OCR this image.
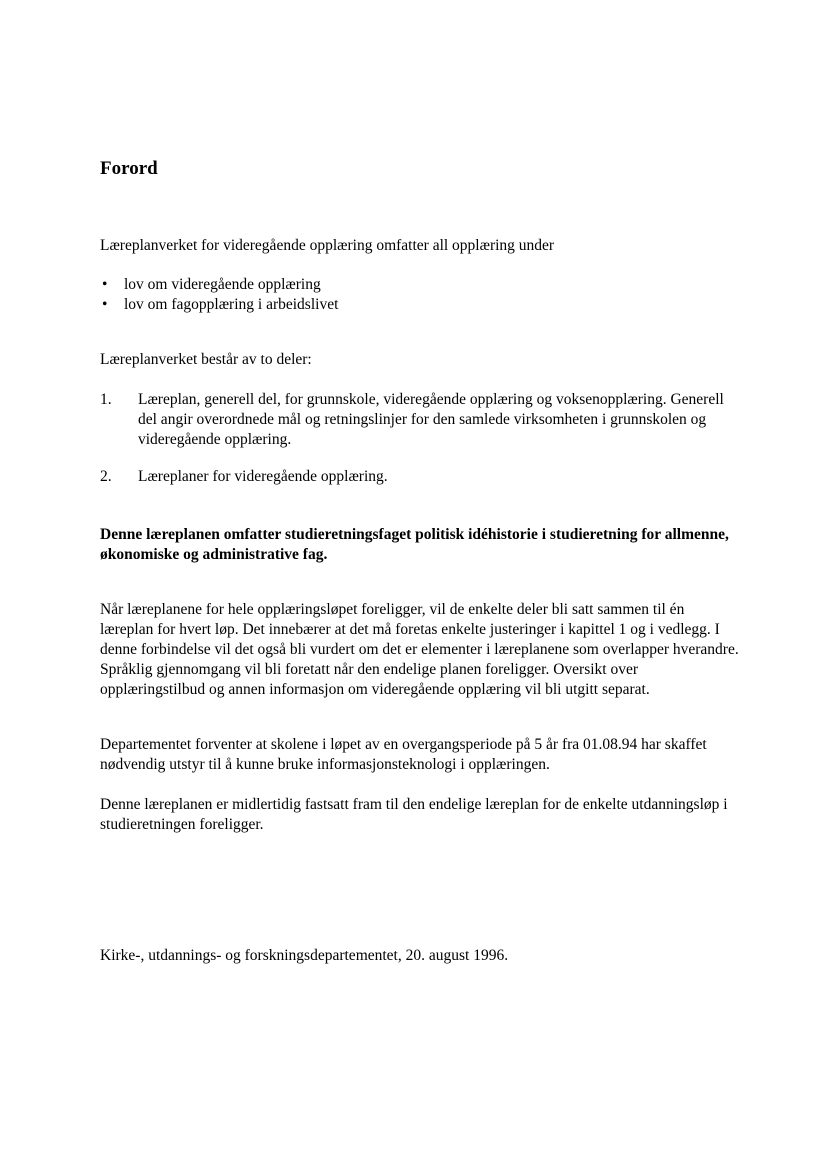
Forord

Læreplanverket for videregående opplæring omfatter all opplæring under

• lov om videregående opplæring
• lov om fagopplæring i arbeidslivet

Læreplanverket består av to deler:

1. Læreplan, generell del, for grunnskole, videregående opplæring og voksenopplæring. Generell del angir overordnede mål og retningslinjer for den samlede virksomheten i grunnskolen og videregående opplæring.
2. Læreplaner for videregående opplæring.

Denne læreplanen omfatter studieretningsfaget politisk idéhistorie i studieretning for allmenne, økonomiske og administrative fag.

Når læreplanene for hele opplæringsløpet foreligger, vil de enkelte deler bli satt sammen til én læreplan for hvert løp. Det innebærer at det må foretas enkelte justeringer i kapittel 1 og i vedlegg. I denne forbindelse vil det også bli vurdert om det er elementer i læreplanene som overlapper hverandre. Språklig gjennomgang vil bli foretatt når den endelige planen foreligger. Oversikt over opplæringstilbud og annen informasjon om videregående opplæring vil bli utgitt separat.

Departementet forventer at skolene i løpet av en overgangsperiode på 5 år fra 01.08.94 har skaffet nødvendig utstyr til å kunne bruke informasjonsteknologi i opplæringen.

Denne læreplanen er midlertidig fastsatt fram til den endelige læreplan for de enkelte utdanningsløp i studieretningen foreligger.

Kirke-, utdannings- og forskningsdepartementet, 20. august 1996.
